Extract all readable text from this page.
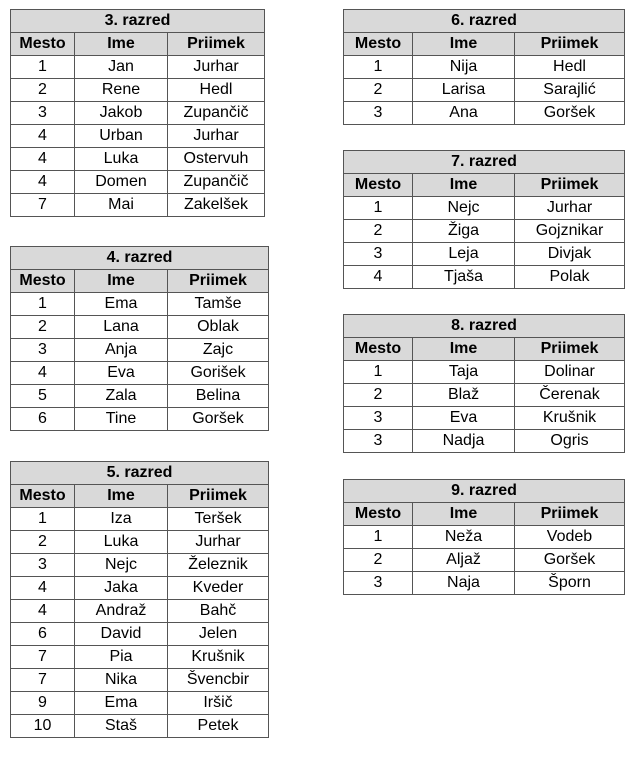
3. razred		
Mesto	Ime	Priimek
1	Jan	Jurhar
2	Rene	Hedl
3	Jakob	Zupančič
4	Urban	Jurhar
4	Luka	Ostervuh
4	Domen	Zupančič
7	Mai	Zakelšek
4. razred		
Mesto	Ime	Priimek
1	Ema	Tamše
2	Lana	Oblak
3	Anja	Zajc
4	Eva	Gorišek
5	Zala	Belina
6	Tine	Goršek
5. razred		
Mesto	Ime	Priimek
1	Iza	Teršek
2	Luka	Jurhar
3	Nejc	Železnik
4	Jaka	Kveder
4	Andraž	Bahč
6	David	Jelen
7	Pia	Krušnik
7	Nika	Švencbir
9	Ema	Iršič
10	Staš	Petek
6. razred		
Mesto	Ime	Priimek
1	Nija	Hedl
2	Larisa	Sarajlić
3	Ana	Goršek
7. razred		
Mesto	Ime	Priimek
1	Nejc	Jurhar
2	Žiga	Gojznikar
3	Leja	Divjak
4	Tjaša	Polak
8. razred		
Mesto	Ime	Priimek
1	Taja	Dolinar
2	Blaž	Čerenak
3	Eva	Krušnik
3	Nadja	Ogris
9. razred		
Mesto	Ime	Priimek
1	Neža	Vodeb
2	Aljaž	Goršek
3	Naja	Šporn
